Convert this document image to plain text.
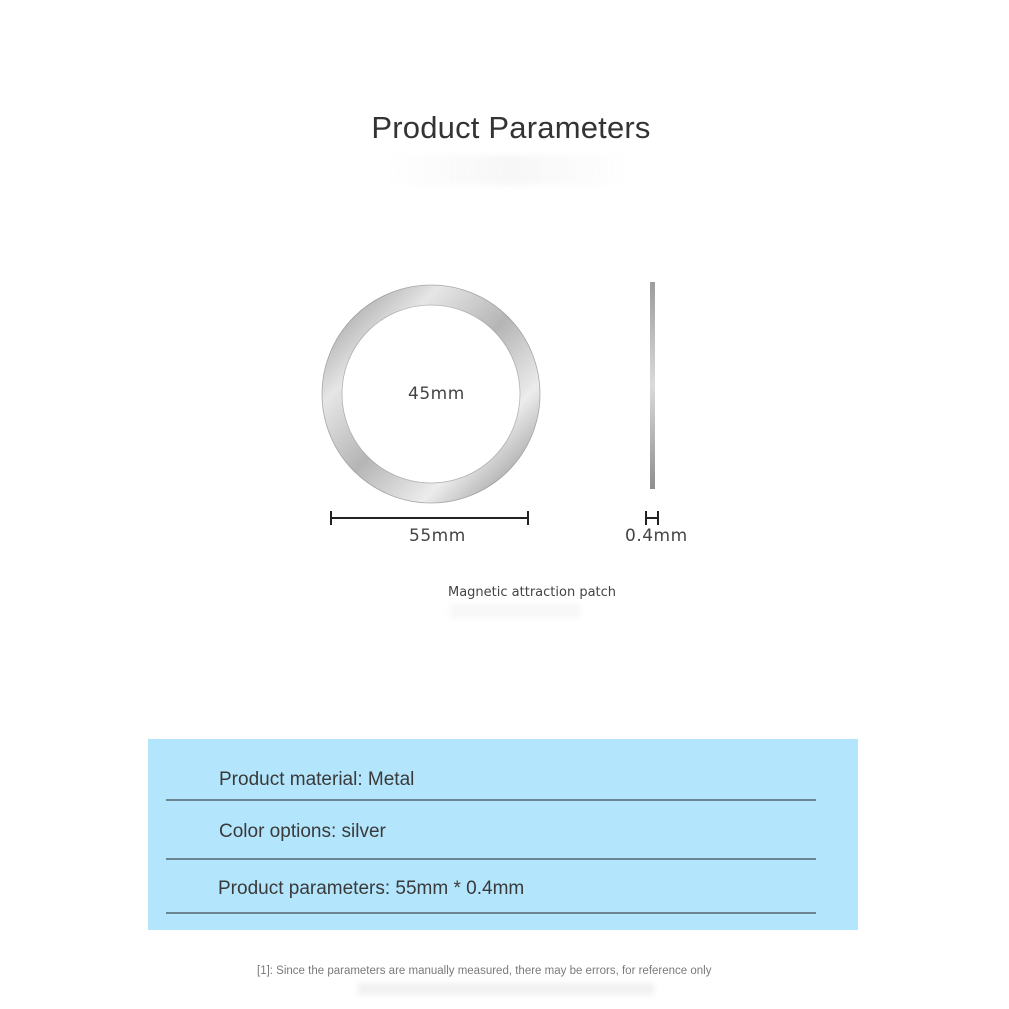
Product Parameters
45mm
55mm	0.4mm
Magnetic attraction patch
Product material: Metal
Color options: silver
Product parameters: 55mm * 0.4mm
[1]: Since the parameters are manually measured, there may be errors, for reference only
